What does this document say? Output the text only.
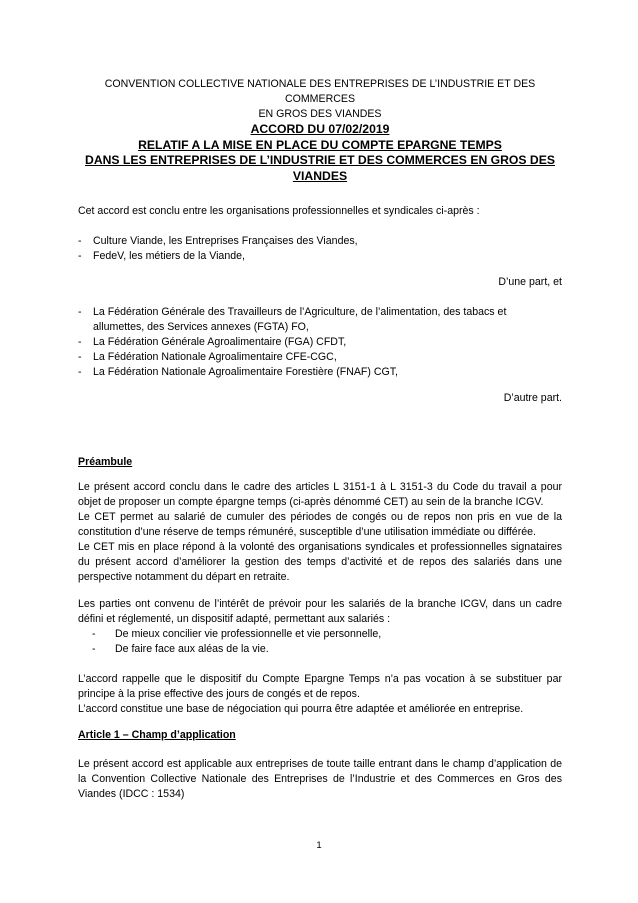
CONVENTION COLLECTIVE NATIONALE DES ENTREPRISES DE L’INDUSTRIE ET DES COMMERCES
EN GROS DES VIANDES
ACCORD DU 07/02/2019
RELATIF A LA MISE EN PLACE DU COMPTE EPARGNE TEMPS
DANS LES ENTREPRISES DE L’INDUSTRIE ET DES COMMERCES EN GROS DES VIANDES
Cet accord est conclu entre les organisations professionnelles et syndicales ci-après :
- Culture Viande, les Entreprises Françaises des Viandes,
- FedeV, les métiers de la Viande,
D’une part, et
- La Fédération Générale des Travailleurs de l’Agriculture, de l’alimentation, des tabacs et
allumettes, des Services annexes (FGTA) FO,
- La Fédération Générale Agroalimentaire (FGA) CFDT,
- La Fédération Nationale Agroalimentaire CFE-CGC,
- La Fédération Nationale Agroalimentaire Forestière (FNAF) CGT,
D’autre part.
Préambule
Le présent accord conclu dans le cadre des articles L 3151-1 à L 3151-3 du Code du travail a pour objet de proposer un compte épargne temps (ci-après dénommé CET) au sein de la branche ICGV.
Le CET permet au salarié de cumuler des périodes de congés ou de repos non pris en vue de la constitution d’une réserve de temps rémunéré, susceptible d’une utilisation immédiate ou différée.
Le CET mis en place répond à la volonté des organisations syndicales et professionnelles signataires du présent accord d’améliorer la gestion des temps d’activité et de repos des salariés dans une perspective notamment du départ en retraite.
Les parties ont convenu de l’intérêt de prévoir pour les salariés de la branche ICGV, dans un cadre défini et réglementé, un dispositif adapté, permettant aux salariés :
- De mieux concilier vie professionnelle et vie personnelle,
- De faire face aux aléas de la vie.
L’accord rappelle que le dispositif du Compte Epargne Temps n’a pas vocation à se substituer par principe à la prise effective des jours de congés et de repos.
L’accord constitue une base de négociation qui pourra être adaptée et améliorée en entreprise.
Article 1 – Champ d’application
Le présent accord est applicable aux entreprises de toute taille entrant dans le champ d’application de la Convention Collective Nationale des Entreprises de l’Industrie et des Commerces en Gros des Viandes (IDCC : 1534)
1
